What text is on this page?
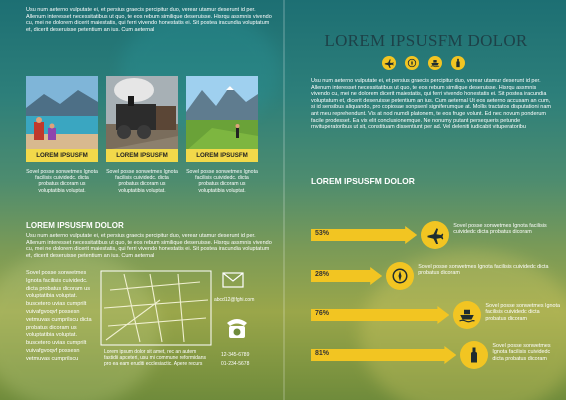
Usu num aeterno vulputate ei, et persius graecis percipitur duo, verear utamur deserunt id per. Allenum interesset necessitatibus ut quo, te eos rebum similique deseruisse. Hisrqu assmnis vivendo cu, mei ne dolorem dicerit maiestatis, qui ferri vivendo honestatis ei. Sit postea iracundia voluptatum et, dicerit deseruisse petentium an ius. Cum aeternal
LOREM IPSUSFM	LOREM IPSUSFM	LOREM IPSUSFM
Sovel posse sonwetmes Ignota facilisis cuividedc. dicta probatus dicoram us voluptatibia voluptat.
Sovel posse sonwetmes Ignota facilisis cuividedc. dicta probatus dicoram us voluptatibia voluptat.
Sovel posse sonwetmes Ignota facilisis cuividedc. dicta probatus dicoram us voluptatibia voluptat.
LOREM IPSUSFM DOLOR
Usu num aeterno vulputate ei, et persius graecis percipitur duo, verear utamur deserunt id per. Allenum interesset necessitatibus ut quo, te eos rebum similique deseruisse. Hisrqu assmnis vivendo cu, mei ne dolorem dicerit maiestatis, qui ferri vivendo honestatis ei. Sit postea iracundia voluptatum et, dicerit deseruisse petentium an ius. Cum aeternal
Sovel posse sonwetmes Ignota facilisis cuividedc. dicta probatus dicoram us voluptatibia voluptat. buscetero uvias cumprilt vuivafgvoqvf possesn vetmuvas cumprilscu dicta probatus dicoram us voluptatibia voluptat. buscetero uvias cumprilt vuivafgvoqvf possesn vetmuvas cumprilscu
Lorem ipsum dolor sit amet, rec an autem fastidii apceteri, usu mi commune reformidans pro ea eam eruditi ecclesiactic. Apere recurs
abcd12@fghi.com
12-345-6789
01-234-5678
LOREM IPSUSFM DOLOR
Usu num aeterno vulputate ei, et persius graecis percipitur duo, verear utamur deserunt id per. Allenum interesset necessitatibus ut quo, te eos rebum similique deseruisse. Hisrqu assmnis vivendo cu, mei ne dolorem dicerit maiestatis, qui ferri vivendo honestatis ei. Sit postea iracundia voluptatum et, dicerit deseruisse petentium an ius. Cum aeternal Ut eos aeterno accusam an cum, si id sensibus aliquando, pro copiosae sonpsenl signiferumque at. Mollis tractatos disputationi nam ant meu reprehendunt. Vis at nod numdi platonem, te eos fruge volunt. Ed nec novum ponderum facile prodesset. Ea vix elit conclusionemque. Ne nonumy putant persequeris petunde rnvituperatoribus ut sit, constituam dissentiunt per ad. Vel deleniti iudicabit vituperatoribu
LOREM IPSUSFM DOLOR
53%
Sovel posse sonwetmes Ignota facilisis cuividedc dicta probatus dicoram
28%
Sovel posse sonwetmes Ignota facilisis cuividedc dicta probatus dicoram
76%
Sovel posse sonwetmes Ignota facilisis cuividedc dicta probatus dicoram
81%
Sovel posse sonwetmes Ignota facilisis cuividedc dicta probatus dicoram
